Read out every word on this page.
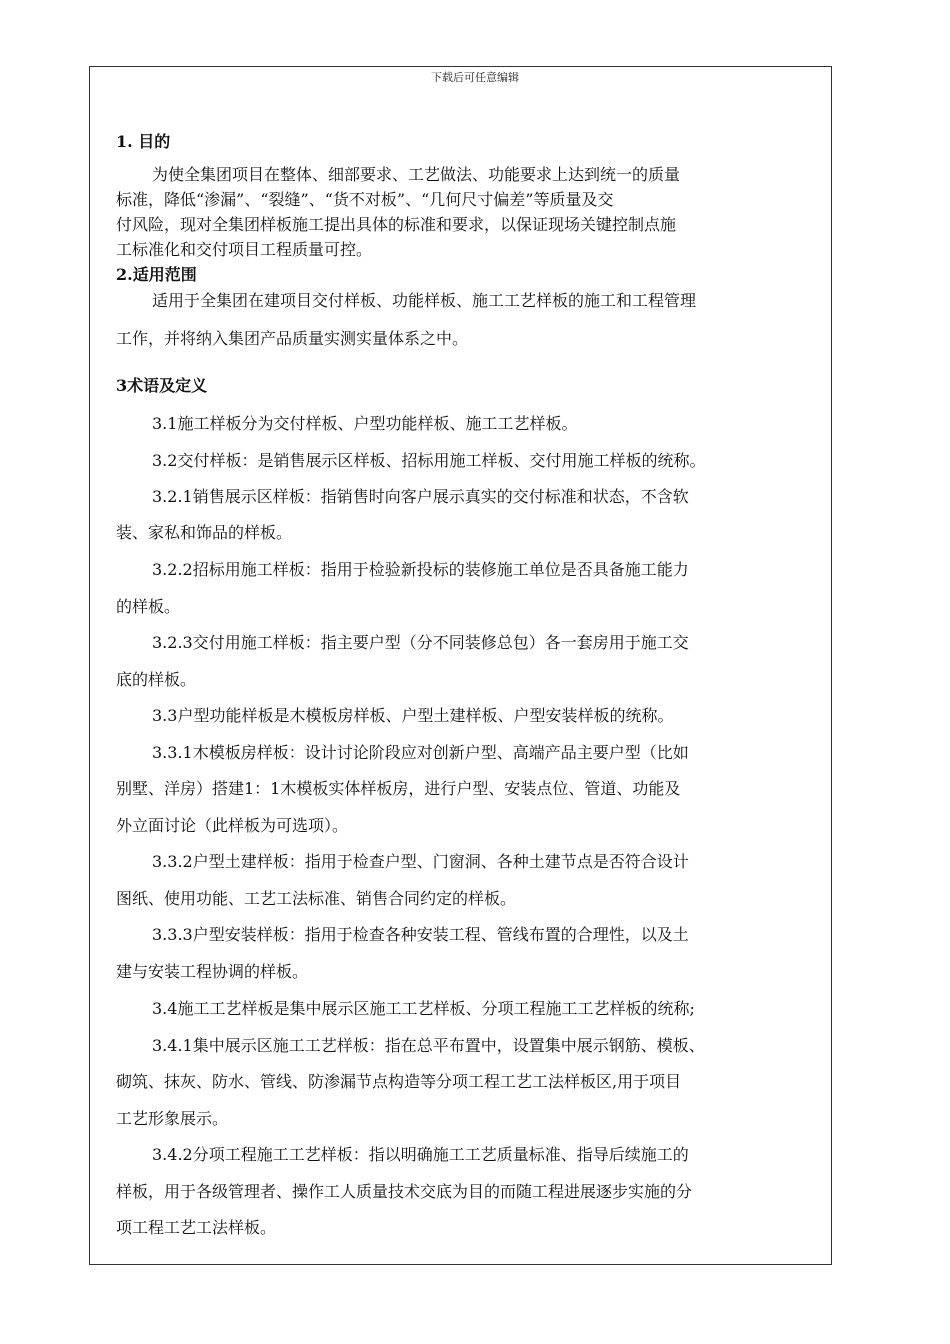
下载后可任意编辑
1. 目的
为使全集团项目在整体、细部要求、工艺做法、功能要求上达到统一的质量
标准，降低“渗漏”、“裂缝”、“货不对板”、“几何尺寸偏差”等质量及交
付风险，现对全集团样板施工提出具体的标准和要求，以保证现场关键控制点施
工标准化和交付项目工程质量可控。
2.适用范围
适用于全集团在建项目交付样板、功能样板、施工工艺样板的施工和工程管理
工作，并将纳入集团产品质量实测实量体系之中。
3术语及定义
3.1施工样板分为交付样板、户型功能样板、施工工艺样板。
3.2交付样板：是销售展示区样板、招标用施工样板、交付用施工样板的统称。
3.2.1销售展示区样板：指销售时向客户展示真实的交付标准和状态，不含软
装、家私和饰品的样板。
3.2.2招标用施工样板：指用于检验新投标的装修施工单位是否具备施工能力
的样板。
3.2.3交付用施工样板：指主要户型（分不同装修总包）各一套房用于施工交
底的样板。
3.3户型功能样板是木模板房样板、户型土建样板、户型安装样板的统称。
3.3.1木模板房样板：设计讨论阶段应对创新户型、高端产品主要户型（比如
别墅、洋房）搭建1：1木模板实体样板房，进行户型、安装点位、管道、功能及
外立面讨论（此样板为可选项）。
3.3.2户型土建样板：指用于检查户型、门窗洞、各种土建节点是否符合设计
图纸、使用功能、工艺工法标准、销售合同约定的样板。
3.3.3户型安装样板：指用于检查各种安装工程、管线布置的合理性，以及土
建与安装工程协调的样板。
3.4施工工艺样板是集中展示区施工工艺样板、分项工程施工工艺样板的统称;
3.4.1集中展示区施工工艺样板：指在总平布置中，设置集中展示钢筋、模板、
砌筑、抹灰、防水、管线、防渗漏节点构造等分项工程工艺工法样板区,用于项目
工艺形象展示。
3.4.2分项工程施工工艺样板：指以明确施工工艺质量标准、指导后续施工的
样板，用于各级管理者、操作工人质量技术交底为目的而随工程进展逐步实施的分
项工程工艺工法样板。
